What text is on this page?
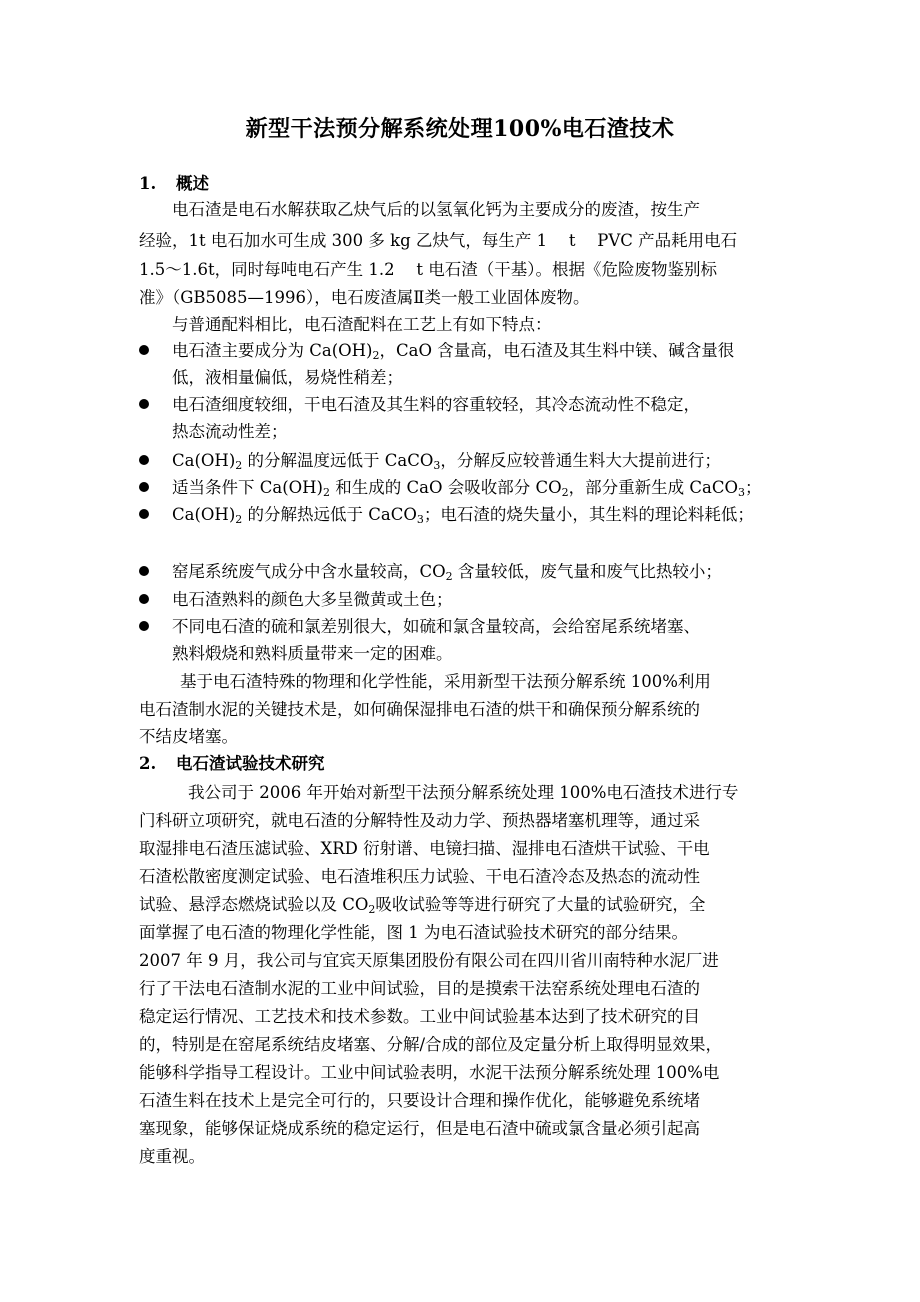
新型干法预分解系统处理100%电石渣技术
1. 概述
电石渣是电石水解获取乙炔气后的以氢氧化钙为主要成分的废渣，按生产
经验，1t 电石加水可生成 300 多 kg 乙炔气，每生产 1　 t　 PVC 产品耗用电石
1.5～1.6t，同时每吨电石产生 1.2　 t 电石渣（干基）。根据《危险废物鉴别标
准》（GB5085—1996），电石废渣属Ⅱ类一般工业固体废物。
与普通配料相比，电石渣配料在工艺上有如下特点：
电石渣主要成分为 $Ca(OH)_2$，CaO 含量高，电石渣及其生料中镁、碱含量很
低，液相量偏低，易烧性稍差；
电石渣细度较细，干电石渣及其生料的容重较轻，其冷态流动性不稳定，
热态流动性差；
$Ca(OH)_2$ 的分解温度远低于 CaCO$_3$，分解反应较普通生料大大提前进行；
适当条件下 $Ca(OH)_2$ 和生成的 CaO 会吸收部分 $CO_2$，部分重新生成 CaCO$_3$；
$Ca(OH)_2$ 的分解热远低于 CaCO$_3$；电石渣的烧失量小，其生料的理论料耗低；
窑尾系统废气成分中含水量较高，$CO_2$ 含量较低，废气量和废气比热较小；
电石渣熟料的颜色大多呈微黄或土色；
不同电石渣的硫和氯差别很大，如硫和氯含量较高，会给窑尾系统堵塞、
熟料煅烧和熟料质量带来一定的困难。
基于电石渣特殊的物理和化学性能，采用新型干法预分解系统 100%利用
电石渣制水泥的关键技术是，如何确保湿排电石渣的烘干和确保预分解系统的
不结皮堵塞。
2. 电石渣试验技术研究
我公司于 2006 年开始对新型干法预分解系统处理 100%电石渣技术进行专
门科研立项研究，就电石渣的分解特性及动力学、预热器堵塞机理等，通过采
取湿排电石渣压滤试验、XRD 衍射谱、电镜扫描、湿排电石渣烘干试验、干电
石渣松散密度测定试验、电石渣堆积压力试验、干电石渣冷态及热态的流动性
试验、悬浮态燃烧试验以及 $CO_2$吸收试验等等进行研究了大量的试验研究，全
面掌握了电石渣的物理化学性能，图 1 为电石渣试验技术研究的部分结果。
2007 年 9 月，我公司与宜宾天原集团股份有限公司在四川省川南特种水泥厂进
行了干法电石渣制水泥的工业中间试验，目的是摸索干法窑系统处理电石渣的
稳定运行情况、工艺技术和技术参数。工业中间试验基本达到了技术研究的目
的，特别是在窑尾系统结皮堵塞、分解/合成的部位及定量分析上取得明显效果，
能够科学指导工程设计。工业中间试验表明，水泥干法预分解系统处理 100%电
石渣生料在技术上是完全可行的，只要设计合理和操作优化，能够避免系统堵
塞现象，能够保证烧成系统的稳定运行，但是电石渣中硫或氯含量必须引起高
度重视。
